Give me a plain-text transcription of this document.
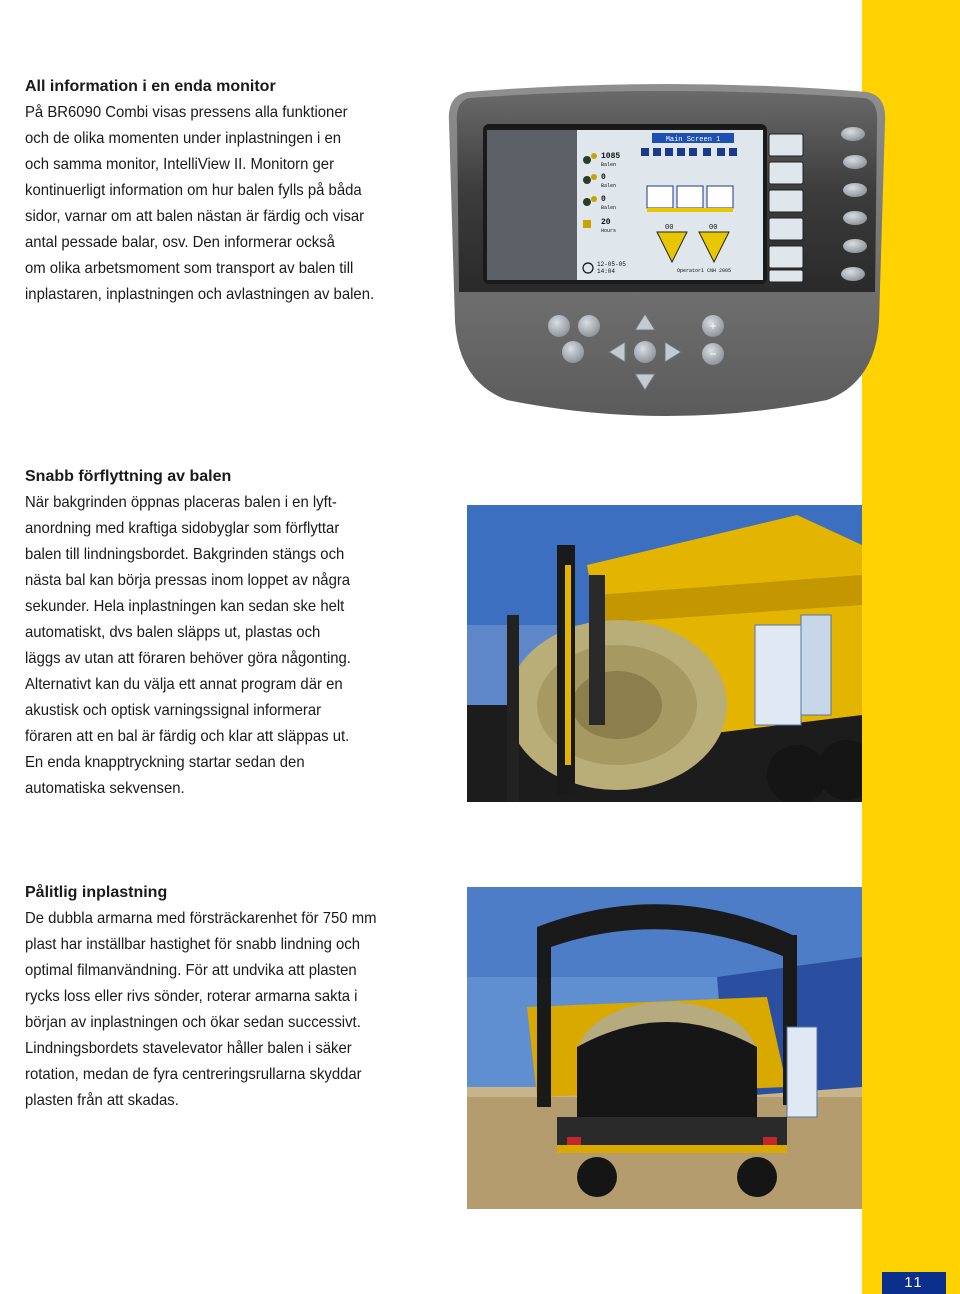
All information i en enda monitor

På BR6090 Combi visas pressens alla funktioner
och de olika momenten under inplastningen i en
och samma monitor, IntelliView II. Monitorn ger
kontinuerligt information om hur balen fylls på båda
sidor, varnar om att balen nästan är färdig och visar
antal pessade balar, osv. Den informerar också
om olika arbetsmoment som transport av balen till
inplastaren, inplastningen och avlastningen av balen.

Main Screen 1
1085
Balen
0
Balen
0
Balen
20
Hours
12-05-05
14:04	Operator1 CNH 2005
00	00
+
−

Snabb förflyttning av balen

När bakgrinden öppnas placeras balen i en lyft-
anordning med kraftiga sidobyglar som förflyttar
balen till lindningsbordet. Bakgrinden stängs och
nästa bal kan börja pressas inom loppet av några
sekunder. Hela inplastningen kan sedan ske helt
automatiskt, dvs balen släpps ut, plastas och
läggs av utan att föraren behöver göra någonting.
Alternativt kan du välja ett annat program där en
akustisk och optisk varningssignal informerar
föraren att en bal är färdig och klar att släppas ut.
En enda knapptryckning startar sedan den
automatiska sekvensen.

Pålitlig inplastning

De dubbla armarna med försträckarenhet för 750 mm
plast har inställbar hastighet för snabb lindning och
optimal filmanvändning. För att undvika att plasten
rycks loss eller rivs sönder, roterar armarna sakta i
början av inplastningen och ökar sedan successivt.
Lindningsbordets stavelevator håller balen i säker
rotation, medan de fyra centreringsrullarna skyddar
plasten från att skadas.

11
